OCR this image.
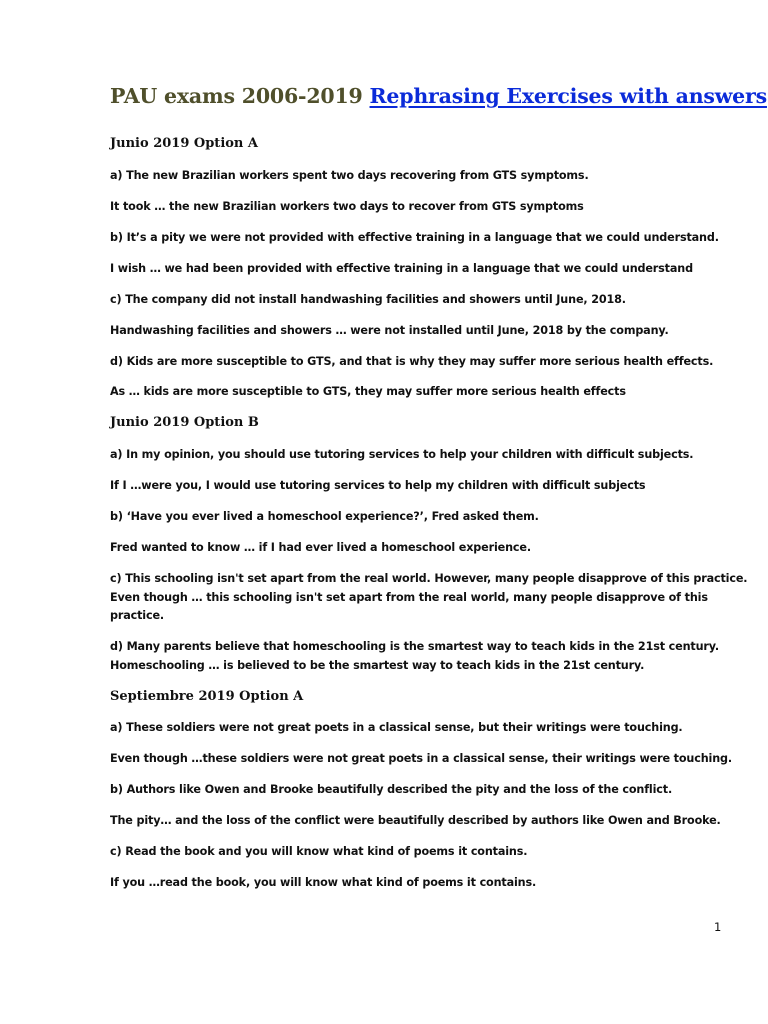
PAU exams 2006-2019 Rephrasing Exercises with answers
Junio 2019 Option A
a) The new Brazilian workers spent two days recovering from GTS symptoms.
It took … the new Brazilian workers two days to recover from GTS symptoms
b) It’s a pity we were not provided with effective training in a language that we could understand.
I wish … we had been provided with effective training in a language that we could understand
c) The company did not install handwashing facilities and showers until June, 2018.
Handwashing facilities and showers … were not installed until June, 2018 by the company.
d) Kids are more susceptible to GTS, and that is why they may suffer more serious health effects.
As … kids are more susceptible to GTS, they may suffer more serious health effects
Junio 2019 Option B
a) In my opinion, you should use tutoring services to help your children with difficult subjects.
If I …were you, I would use tutoring services to help my children with difficult subjects
b) ‘Have you ever lived a homeschool experience?’, Fred asked them.
Fred wanted to know … if I had ever lived a homeschool experience.
c) This schooling isn't set apart from the real world. However, many people disapprove of this practice.
Even though … this schooling isn't set apart from the real world, many people disapprove of this
practice.
d) Many parents believe that homeschooling is the smartest way to teach kids in the 21st century.
Homeschooling … is believed to be the smartest way to teach kids in the 21st century.
Septiembre 2019 Option A
a) These soldiers were not great poets in a classical sense, but their writings were touching.
Even though …these soldiers were not great poets in a classical sense, their writings were touching.
b) Authors like Owen and Brooke beautifully described the pity and the loss of the conflict.
The pity… and the loss of the conflict were beautifully described by authors like Owen and Brooke.
c) Read the book and you will know what kind of poems it contains.
If you …read the book, you will know what kind of poems it contains.
1
